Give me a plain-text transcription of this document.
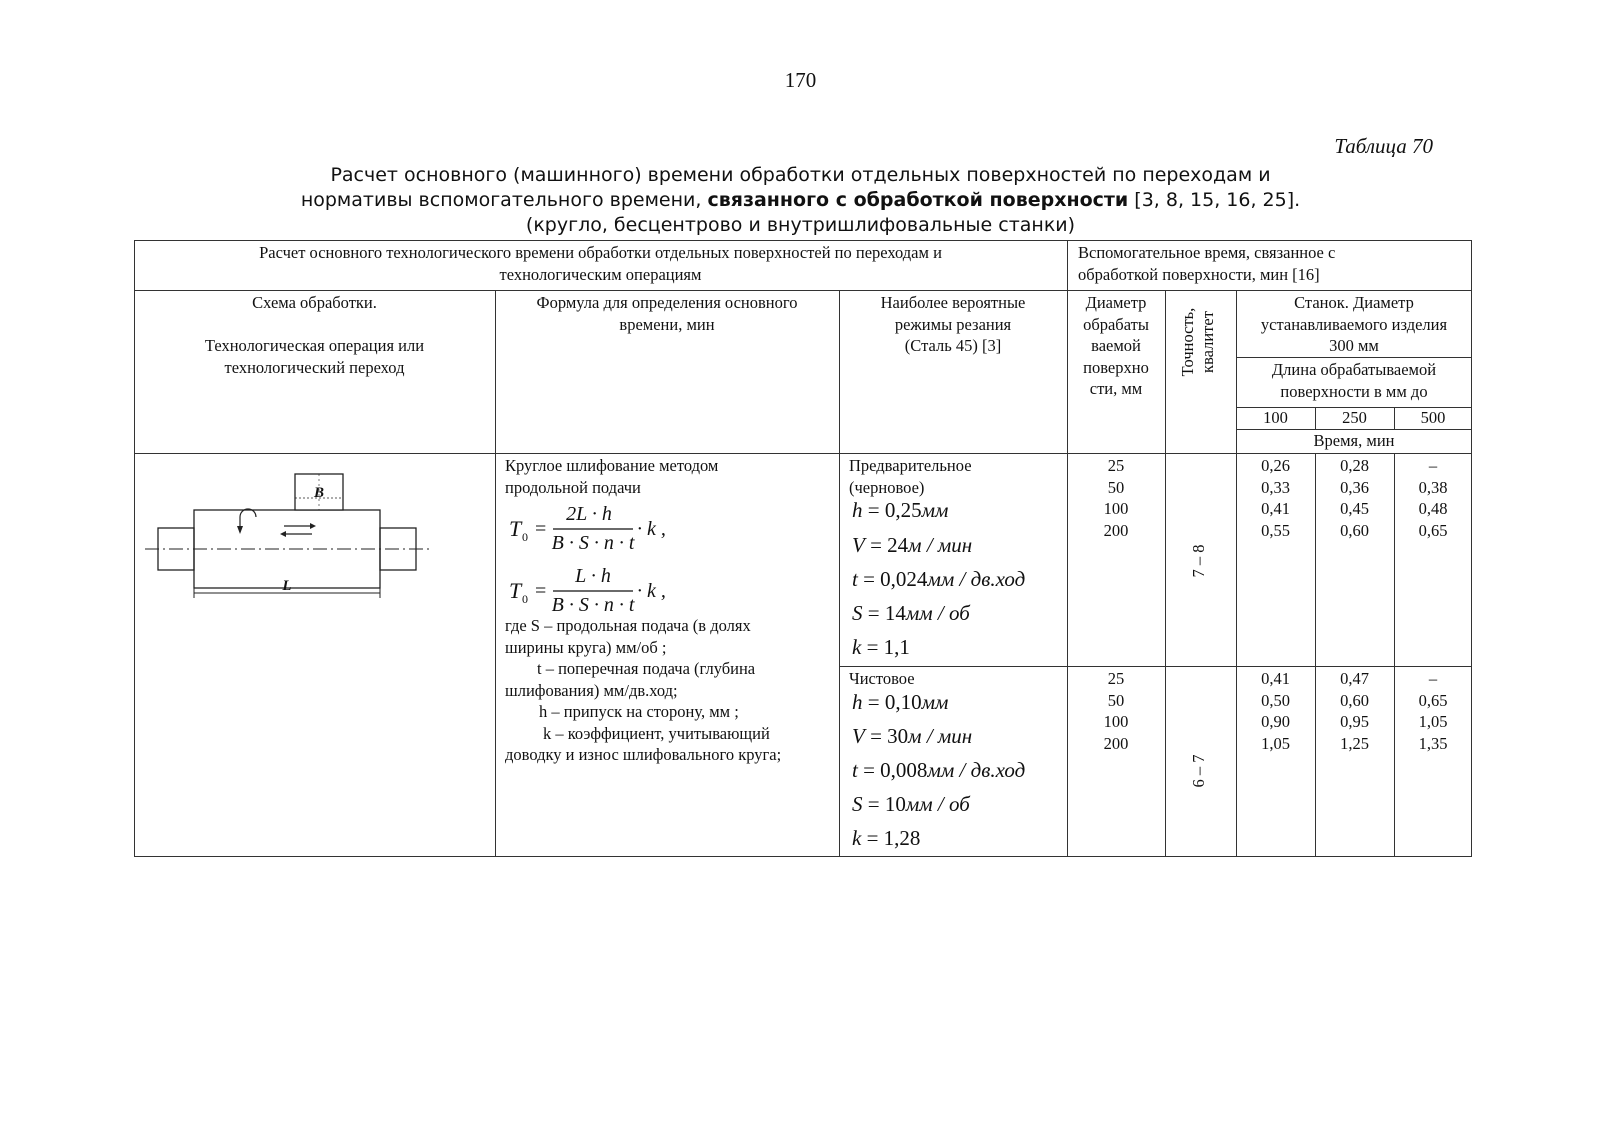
170
Таблица 70
Расчет основного (машинного) времени обработки отдельных поверхностей по переходам и
нормативы вспомогательного времени, связанного с обработкой поверхности [3, 8, 15, 16, 25].
(кругло, бесцентрово и внутришлифовальные станки)
Расчет основного технологического времени обработки отдельных поверхностей по переходам и
технологическим операциям
Вспомогательное время, связанное с
обработкой поверхности, мин [16]
Схема обработки.
Технологическая операция или
технологический переход
Формула для определения основного
времени, мин
Наиболее вероятные
режимы резания
(Сталь 45) [3]
Диаметр
обрабаты
ваемой
поверхно
сти, мм
Точность, квалитет
Станок. Диаметр
устанавливаемого изделия
300 мм
Длина обрабатываемой
поверхности в мм до
100	250	500
Время, мин
B
L
Круглое шлифование методом
продольной подачи
T 0 =
2L · h
B · S · n · t
· k ,
T 0 =
L · h
B · S · n · t
· k ,
где S – продольная подача (в долях
ширины круга) мм/об ;
t – поперечная подача (глубина
шлифования) мм/дв.ход;
h – припуск на сторону, мм ;
k – коэффициент, учитывающий
доводку и износ шлифовального круга;
Предварительное
(черновое)
h = 0,25мм
V = 24м / мин
t = 0,024мм / дв.ход
S = 14мм / об
k = 1,1
25
50
100
200
7 – 8
0,26
0,33
0,41
0,55
0,28
0,36
0,45
0,60
–
0,38
0,48
0,65
Чистовое
h = 0,10мм
V = 30м / мин
t = 0,008мм / дв.ход
S = 10мм / об
k = 1,28
25
50
100
200
6 – 7
0,41
0,50
0,90
1,05
0,47
0,60
0,95
1,25
–
0,65
1,05
1,35
